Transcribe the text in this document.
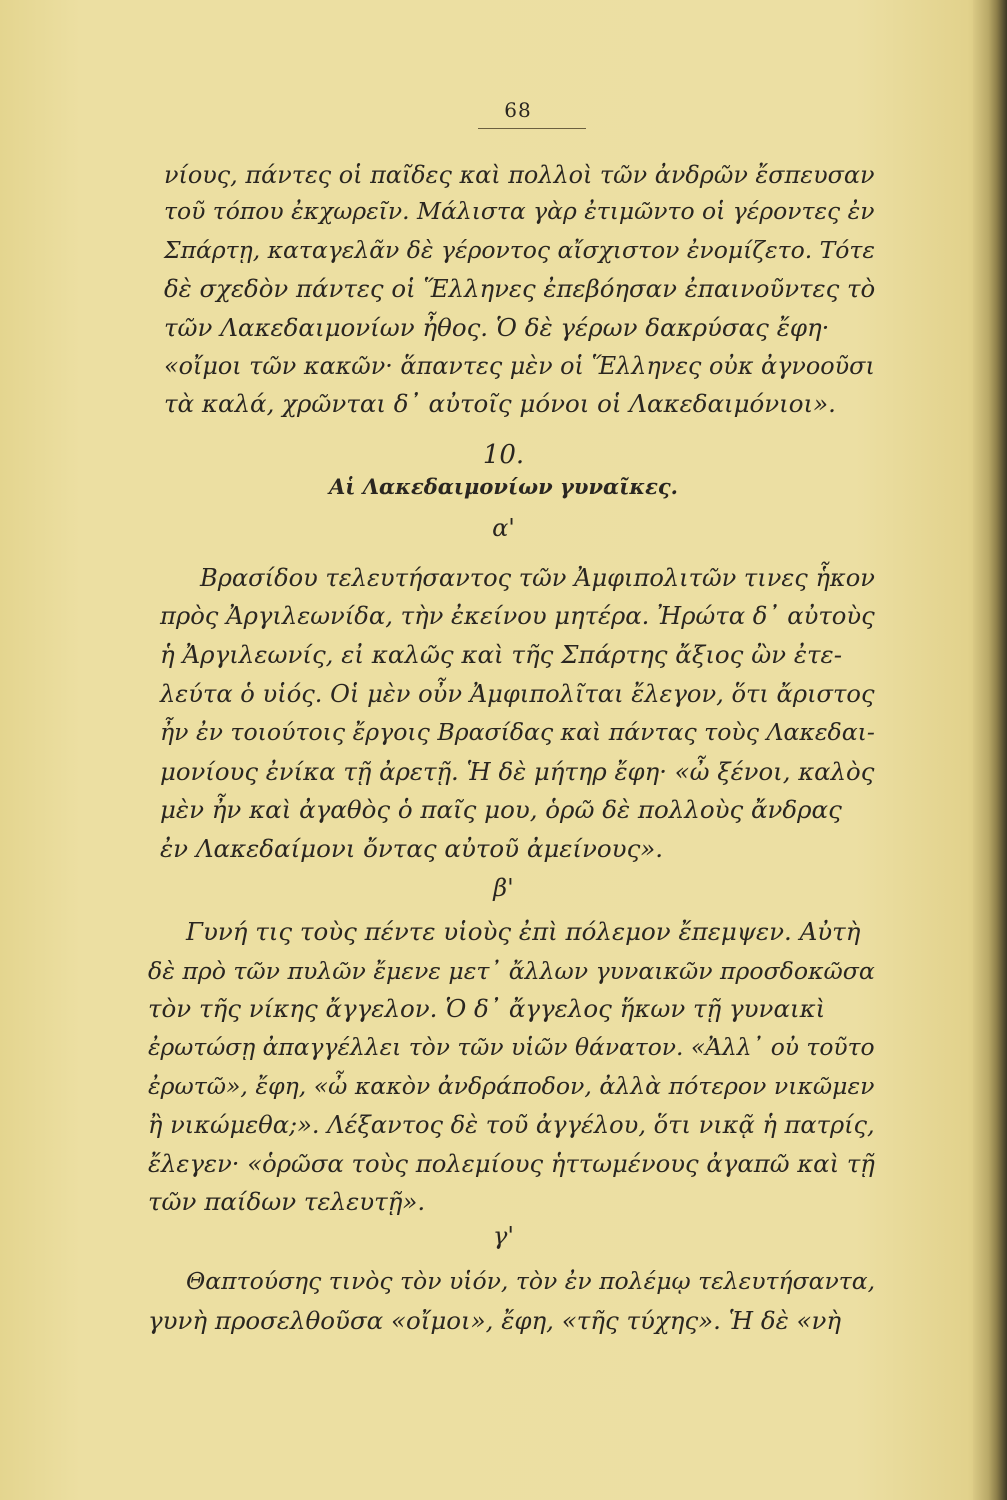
68
νίους, πάντες οἱ παῖδες καὶ πολλοὶ τῶν ἀνδρῶν ἔσπευσαν
τοῦ τόπου ἐκχωρεῖν. Μάλιστα γὰρ ἐτιμῶντο οἱ γέροντες ἐν
Σπάρτῃ, καταγελᾶν δὲ γέροντος αἴσχιστον ἐνομίζετο. Τότε
δὲ σχεδὸν πάντες οἱ Ἕλληνες ἐπεβόησαν ἐπαινοῦντες τὸ
τῶν Λακεδαιμονίων ἦθος. Ὁ δὲ γέρων δακρύσας ἔφη·
«οἴμοι τῶν κακῶν· ἅπαντες μὲν οἱ Ἕλληνες οὐκ ἀγνοοῦσι
τὰ καλά, χρῶνται δ᾽ αὐτοῖς μόνοι οἱ Λακεδαιμόνιοι».
10.
Αἱ Λακεδαιμονίων γυναῖκες.
α'
Βρασίδου τελευτήσαντος τῶν Ἀμφιπολιτῶν τινες ἧκον
πρὸς Ἀργιλεωνίδα, τὴν ἐκείνου μητέρα. Ἠρώτα δ᾽ αὐτοὺς
ἡ Ἀργιλεωνίς, εἰ καλῶς καὶ τῆς Σπάρτης ἄξιος ὢν ἐτε-
λεύτα ὁ υἱός. Οἱ μὲν οὖν Ἀμφιπολῖται ἔλεγον, ὅτι ἄριστος
ἦν ἐν τοιούτοις ἔργοις Βρασίδας καὶ πάντας τοὺς Λακεδαι-
μονίους ἐνίκα τῇ ἀρετῇ. Ἡ δὲ μήτηρ ἔφη· «ὦ ξένοι, καλὸς
μὲν ἦν καὶ ἀγαθὸς ὁ παῖς μου, ὁρῶ δὲ πολλοὺς ἄνδρας
ἐν Λακεδαίμονι ὄντας αὐτοῦ ἀμείνους».
β'
Γυνή τις τοὺς πέντε υἱοὺς ἐπὶ πόλεμον ἔπεμψεν. Αὐτὴ
δὲ πρὸ τῶν πυλῶν ἔμενε μετ᾽ ἄλλων γυναικῶν προσδοκῶσα
τὸν τῆς νίκης ἄγγελον. Ὁ δ᾽ ἄγγελος ἥκων τῇ γυναικὶ
ἐρωτώσῃ ἀπαγγέλλει τὸν τῶν υἱῶν θάνατον. «Ἀλλ᾽ οὐ τοῦτο
ἐρωτῶ», ἔφη, «ὦ κακὸν ἀνδράποδον, ἀλλὰ πότερον νικῶμεν
ἢ νικώμεθα;». Λέξαντος δὲ τοῦ ἀγγέλου, ὅτι νικᾷ ἡ πατρίς,
ἔλεγεν· «ὁρῶσα τοὺς πολεμίους ἡττωμένους ἀγαπῶ καὶ τῇ
τῶν παίδων τελευτῇ».
γ'
Θαπτούσης τινὸς τὸν υἱόν, τὸν ἐν πολέμῳ τελευτήσαντα,
γυνὴ προσελθοῦσα «οἴμοι», ἔφη, «τῆς τύχης». Ἡ δὲ «νὴ
